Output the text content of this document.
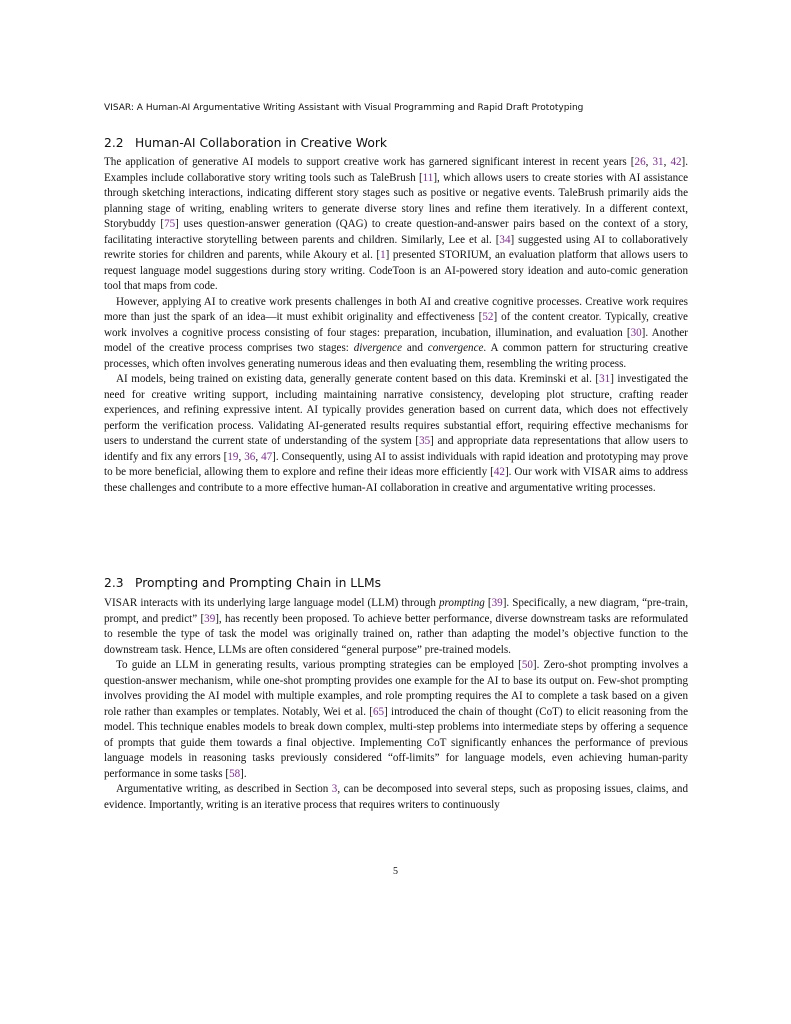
VISAR: A Human-AI Argumentative Writing Assistant with Visual Programming and Rapid Draft Prototyping
2.2 Human-AI Collaboration in Creative Work

The application of generative AI models to support creative work has garnered significant interest in recent years [26, 31, 42]. Examples include collaborative story writing tools such as TaleBrush [11], which allows users to create stories with AI assistance through sketching interactions, indicating different story stages such as positive or negative events. TaleBrush primarily aids the planning stage of writing, enabling writers to generate diverse story lines and refine them iteratively. In a different context, Storybuddy [75] uses question-answer generation (QAG) to create question-and-answer pairs based on the context of a story, facilitating interactive storytelling between parents and children. Similarly, Lee et al. [34] suggested using AI to collaboratively rewrite stories for children and parents, while Akoury et al. [1] presented STORIUM, an evaluation platform that allows users to request language model suggestions during story writing. CodeToon is an AI-powered story ideation and auto-comic generation tool that maps from code.

However, applying AI to creative work presents challenges in both AI and creative cognitive processes. Creative work requires more than just the spark of an idea—it must exhibit originality and effectiveness [52] of the content creator. Typically, creative work involves a cognitive process consisting of four stages: preparation, incubation, illumination, and evaluation [30]. Another model of the creative process comprises two stages: divergence and convergence. A common pattern for structuring creative processes, which often involves generating numerous ideas and then evaluating them, resembling the writing process.

AI models, being trained on existing data, generally generate content based on this data. Kreminski et al. [31] investigated the need for creative writing support, including maintaining narrative consistency, developing plot structure, crafting reader experiences, and refining expressive intent. AI typically provides generation based on current data, which does not effectively perform the verification process. Validating AI-generated results requires substantial effort, requiring effective mechanisms for users to understand the current state of understanding of the system [35] and appropriate data representations that allow users to identify and fix any errors [19, 36, 47]. Consequently, using AI to assist individuals with rapid ideation and prototyping may prove to be more beneficial, allowing them to explore and refine their ideas more efficiently [42]. Our work with VISAR aims to address these challenges and contribute to a more effective human-AI collaboration in creative and argumentative writing processes.

2.3 Prompting and Prompting Chain in LLMs

VISAR interacts with its underlying large language model (LLM) through prompting [39]. Specifically, a new diagram, “pre-train, prompt, and predict” [39], has recently been proposed. To achieve better performance, diverse downstream tasks are reformulated to resemble the type of task the model was originally trained on, rather than adapting the model’s objective function to the downstream task. Hence, LLMs are often considered “general purpose” pre-trained models.

To guide an LLM in generating results, various prompting strategies can be employed [50]. Zero-shot prompting involves a question-answer mechanism, while one-shot prompting provides one example for the AI to base its output on. Few-shot prompting involves providing the AI model with multiple examples, and role prompting requires the AI to complete a task based on a given role rather than examples or templates. Notably, Wei et al. [65] introduced the chain of thought (CoT) to elicit reasoning from the model. This technique enables models to break down complex, multi-step problems into intermediate steps by offering a sequence of prompts that guide them towards a final objective. Implementing CoT significantly enhances the performance of previous language models in reasoning tasks previously considered “off-limits” for language models, even achieving human-parity performance in some tasks [58].

Argumentative writing, as described in Section 3, can be decomposed into several steps, such as proposing issues, claims, and evidence. Importantly, writing is an iterative process that requires writers to continuously

5
